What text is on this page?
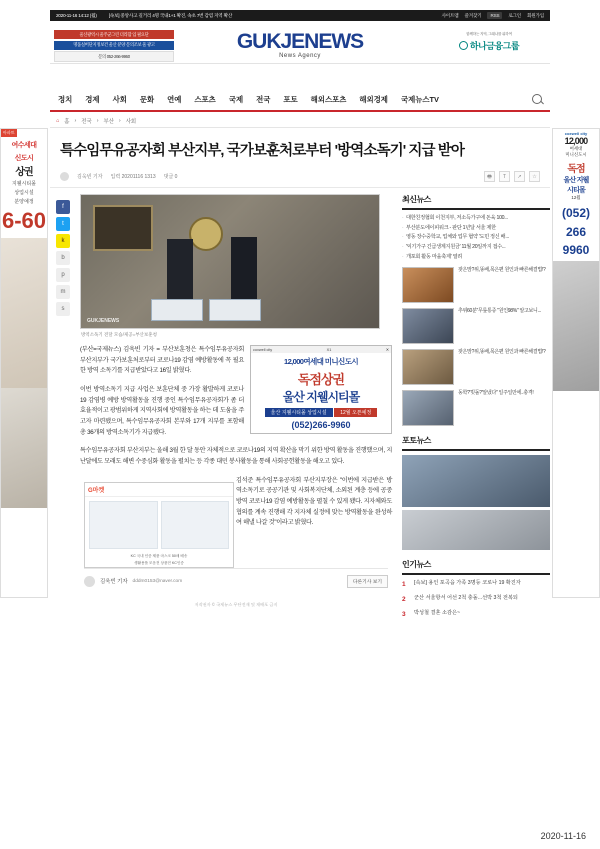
2020-11-16 14:12 (월)	[속보] 중앙사고 길거리 4명 국내1+1 확진, 속초 7번 감염 지역 확산	사이트맵 즐겨찾기	RSS	로그인 회원가입
울산광역시 울주군그린 더라함 입 필요단
명품실버단지정보건 울산 분양 문의조보 울 광고
문의 052-266-9960
GUKJENEWS
News Agency
함께하는 지역, 그래나를 위하여
하나금융그룹
정치 경제 사회 문화 연예 스포츠 국제 전국 포토 해외스포츠 해외경제 국제뉴스TV
⌂ 홈 › 전국 › 부산 › 사회
아파트
여수세대
신도시
상권
지웰시티몰
상업시설
분양예정
6-60
coxwell city
12,000
여세대
미니신도시
독점
울산 지웰
시티몰
12월
(052)
266
9960
특수임무유공자회 부산지부, 국가보훈처로부터 '방역소독기' 지급 받아
김욱빈 기자 입력 20201116 1313 댓글 0	🖶	T	↗	☆
f
t
k
b
p
m
s
GUKJENEWS
방역소독기 전달 모습/제공=부산보훈청
coxwell city	X1	✕
12,000여세대 미니신도시
독점상권
울산 지웰시티몰
울산 지웰시티몰 상업시설	12월 오픈예정
(052)266-9960

(부산=국제뉴스) 김욱빈 기자 = 부산보훈청은 특수임무유공자회 부산지부가 국가보훈처로부터 코로나19 감염 예방활동에 꼭 필요한 방역 소독기를 지급받았다고 16일 밝혔다.

이번 방역소독기 지급 사업은 보훈단체 중 가장 활발하게 코로나19 감염병 예방 방역활동을 진행 중인 특수임무유공자회가 좀 더 효율적이고 광범위하게 지역사회에 방역활동을 하는 데 도움을 주고자 마련됐으며, 특수임무유공자회 본부와 17개 지부를 포함해 총 36개의 방역소독기가 지급됐다.

특수임무유공자회 부산지부는 올해 3월 한 달 동안 자체적으로 코로나19의 지역 확산을 막기 위한 방역 활동을 진행했으며, 지난달에도 모래도 해변 수중심화 활동을 펼치는 등 각종 대민 봉사활동을 통해 사회공헌활동을 해오고 있다.

G마켓
KC 국내 인증 제품 마스크 50매 배송
생활용품 모음전 상품전 KC인증

김석준 특수임무유공자회 부산지부장은 "이번에 지급받은 방역소독기로 공공기관 및 사회복지단체, 소외된 계층 등에 공중방역 코로나19 감염 예방활동을 펼칠 수 있게 됐다. 지자체와도 협의를 계속 진행해 각 지자체 실정에 맞는 방역활동을 완성하여 해낼 나갈 것"이라고 밝혔다.

김욱빈 기자 dddm0153@naver.com	다른기사 보기
저작권자 © 국제뉴스 무단전재 및 재배포 금지
최신뉴스
· 대한친정협회 이천지부, 저소득가구에 돈육 100...
· 부산분도에이피워크 - 판단 1년달 서울 제한
· 영동 장수중학교, 업체와 업무 협약 '도민 정신 배...
· '익기가구 긴급생계지원금' 11월 20일까지 접수...
· 개포회 활동 마을축제' 열려
잦은맘?위,똥배,목은편 원인과 빠른해결법!?
추위60분"무릎통증 "원인98%" 알고보니...
잦은맘?위,똥배,목은편 원인과 빠른해결법!?
동학?'빗돌?'알냈다" 일주일만에..충격!
포토뉴스
인기뉴스
1	[속보] 용인 포곡읍 가족 3명등 코로나 19 확진자
2	군산 서울항서 어선 2척 충돌...선박 3척 전복되
3	박성철 결혼 소감은~
2020-11-16
